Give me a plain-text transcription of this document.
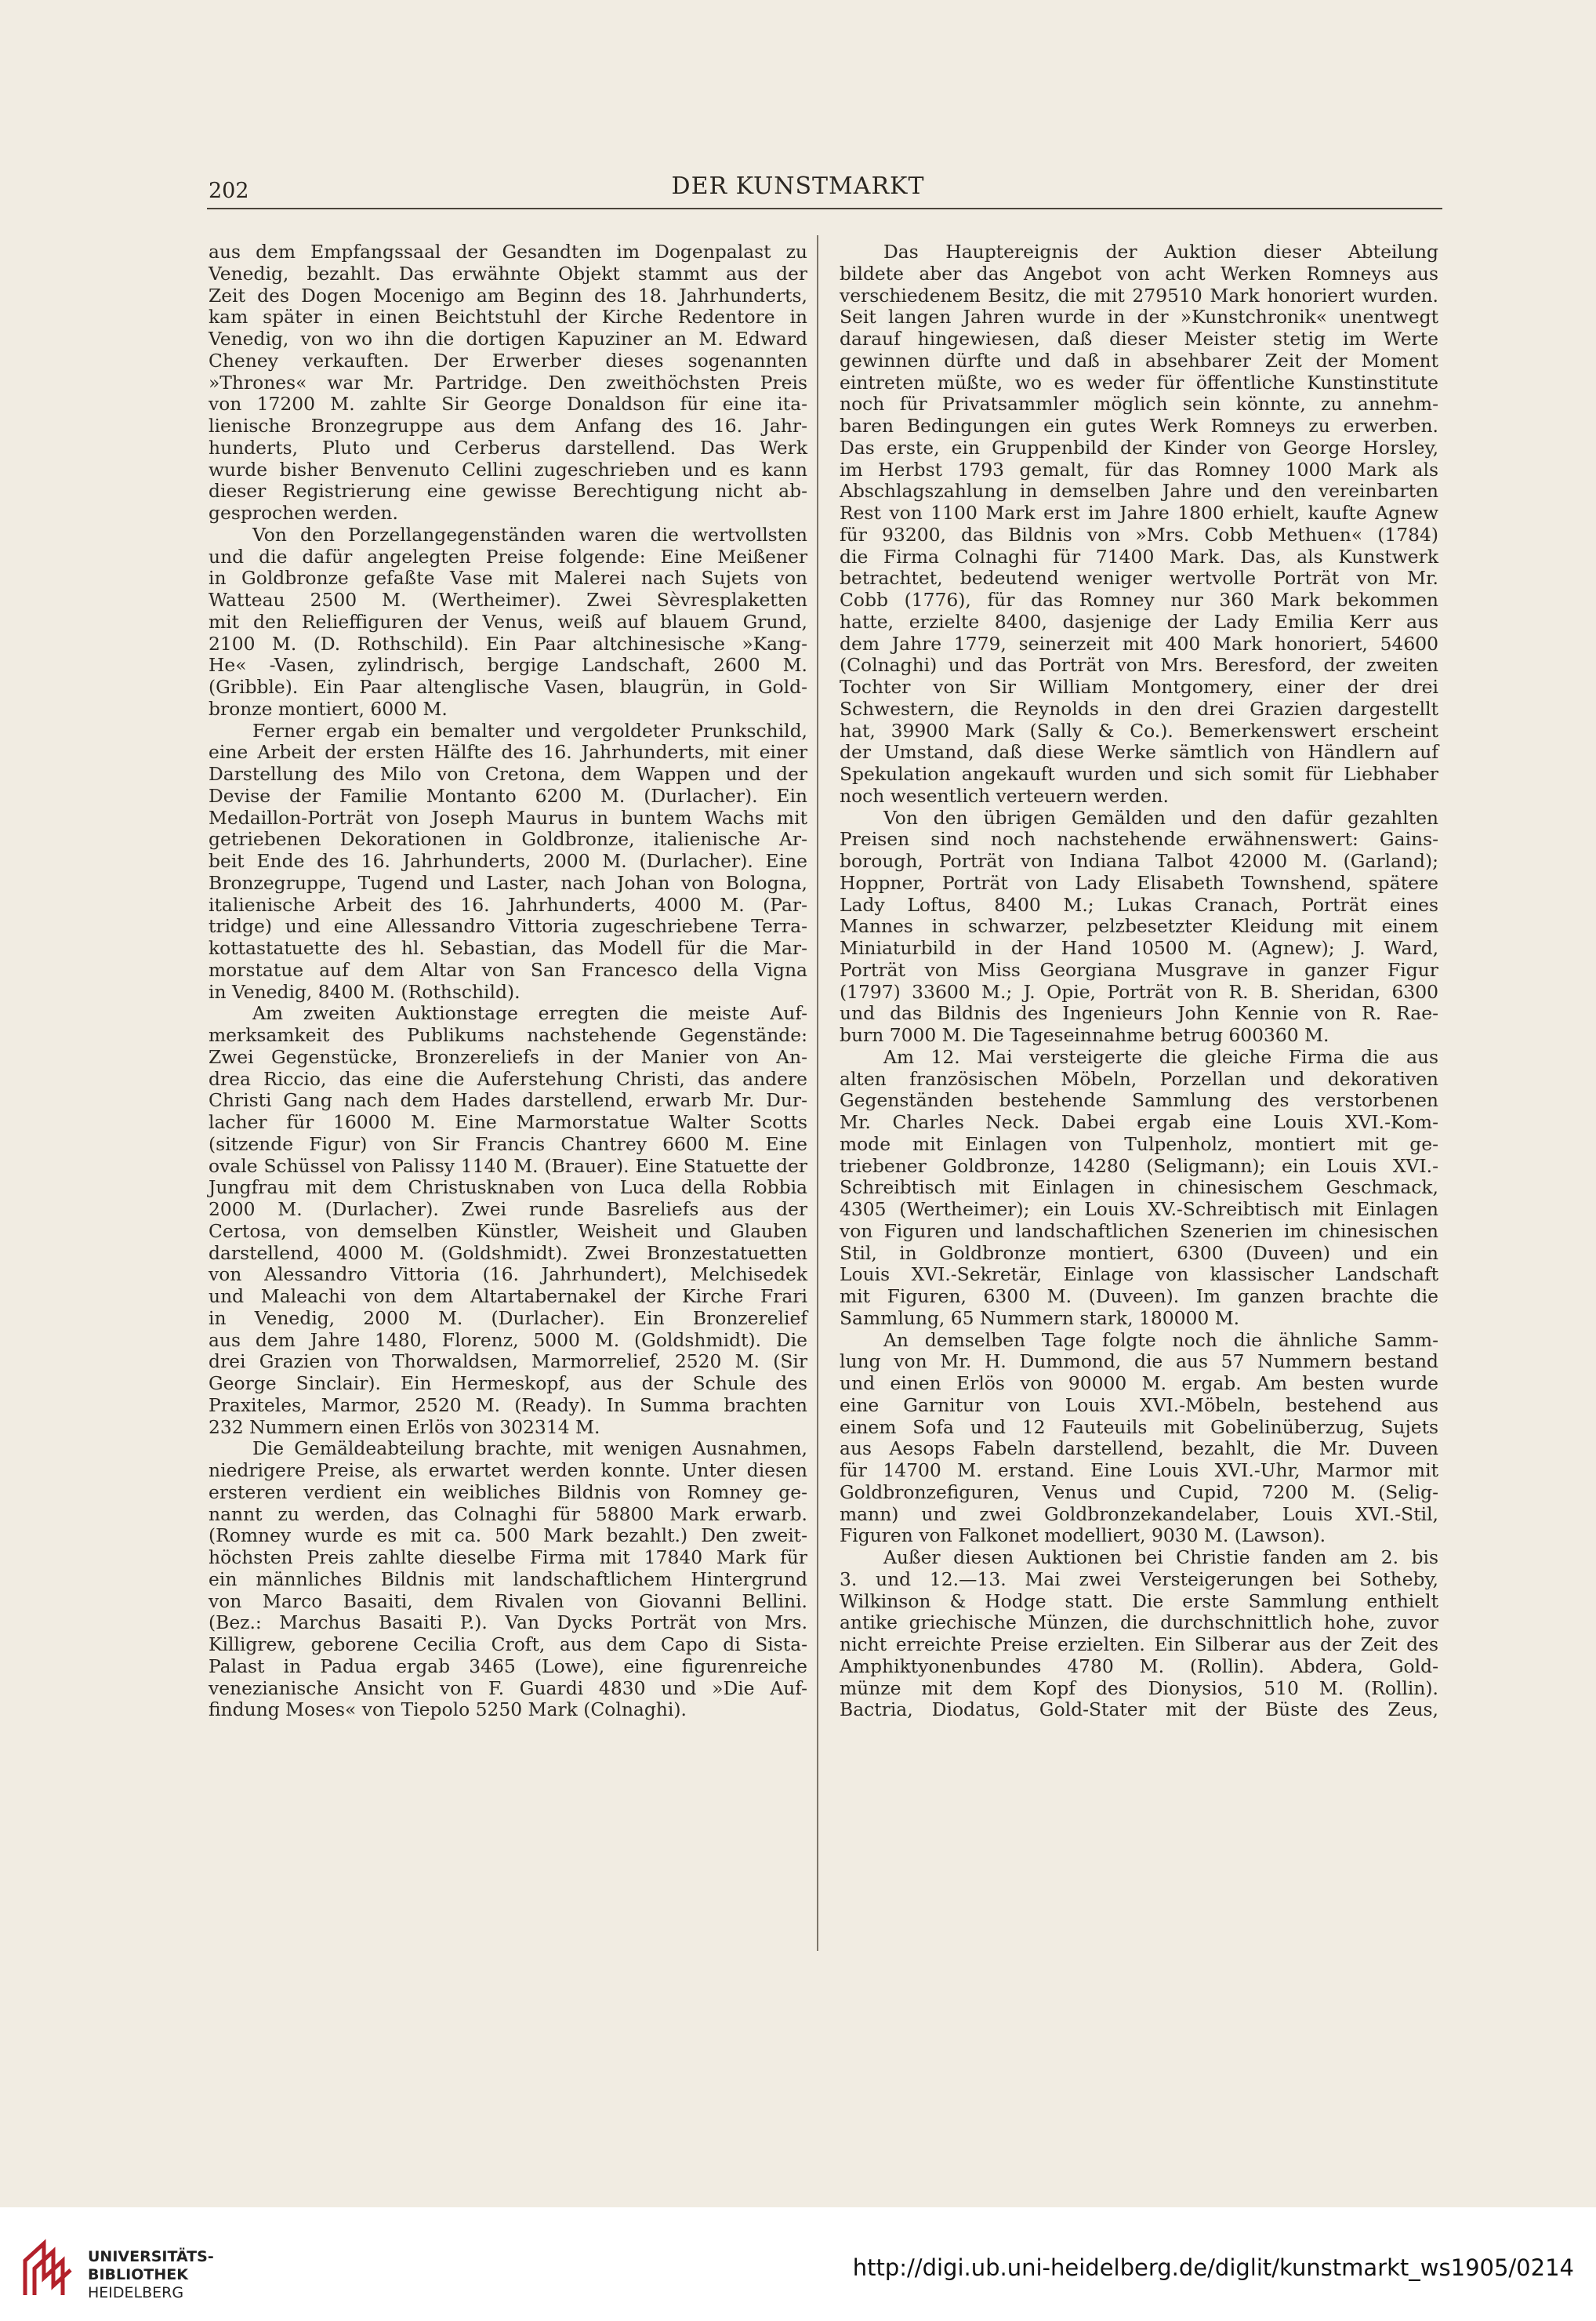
202	DER KUNSTMARKT
aus dem Empfangssaal der Gesandten im Dogenpalast zu
Venedig, bezahlt. Das erwähnte Objekt stammt aus der
Zeit des Dogen Mocenigo am Beginn des 18. Jahrhunderts,
kam später in einen Beichtstuhl der Kirche Redentore in
Venedig, von wo ihn die dortigen Kapuziner an M. Edward
Cheney verkauften. Der Erwerber dieses sogenannten
»Thrones« war Mr. Partridge. Den zweithöchsten Preis
von 17200 M. zahlte Sir George Donaldson für eine ita-
lienische Bronzegruppe aus dem Anfang des 16. Jahr-
hunderts, Pluto und Cerberus darstellend. Das Werk
wurde bisher Benvenuto Cellini zugeschrieben und es kann
dieser Registrierung eine gewisse Berechtigung nicht ab-
gesprochen werden.
Von den Porzellangegenständen waren die wertvollsten
und die dafür angelegten Preise folgende: Eine Meißener
in Goldbronze gefaßte Vase mit Malerei nach Sujets von
Watteau 2500 M. (Wertheimer). Zwei Sèvresplaketten
mit den Relieffiguren der Venus, weiß auf blauem Grund,
2100 M. (D. Rothschild). Ein Paar altchinesische »Kang-
He« -Vasen, zylindrisch, bergige Landschaft, 2600 M.
(Gribble). Ein Paar altenglische Vasen, blaugrün, in Gold-
bronze montiert, 6000 M.
Ferner ergab ein bemalter und vergoldeter Prunkschild,
eine Arbeit der ersten Hälfte des 16. Jahrhunderts, mit einer
Darstellung des Milo von Cretona, dem Wappen und der
Devise der Familie Montanto 6200 M. (Durlacher). Ein
Medaillon-Porträt von Joseph Maurus in buntem Wachs mit
getriebenen Dekorationen in Goldbronze, italienische Ar-
beit Ende des 16. Jahrhunderts, 2000 M. (Durlacher). Eine
Bronzegruppe, Tugend und Laster, nach Johan von Bologna,
italienische Arbeit des 16. Jahrhunderts, 4000 M. (Par-
tridge) und eine Allessandro Vittoria zugeschriebene Terra-
kottastatuette des hl. Sebastian, das Modell für die Mar-
morstatue auf dem Altar von San Francesco della Vigna
in Venedig, 8400 M. (Rothschild).
Am zweiten Auktionstage erregten die meiste Auf-
merksamkeit des Publikums nachstehende Gegenstände:
Zwei Gegenstücke, Bronzereliefs in der Manier von An-
drea Riccio, das eine die Auferstehung Christi, das andere
Christi Gang nach dem Hades darstellend, erwarb Mr. Dur-
lacher für 16000 M. Eine Marmorstatue Walter Scotts
(sitzende Figur) von Sir Francis Chantrey 6600 M. Eine
ovale Schüssel von Palissy 1140 M. (Brauer). Eine Statuette der
Jungfrau mit dem Christusknaben von Luca della Robbia
2000 M. (Durlacher). Zwei runde Basreliefs aus der
Certosa, von demselben Künstler, Weisheit und Glauben
darstellend, 4000 M. (Goldshmidt). Zwei Bronzestatuetten
von Alessandro Vittoria (16. Jahrhundert), Melchisedek
und Maleachi von dem Altartabernakel der Kirche Frari
in Venedig, 2000 M. (Durlacher). Ein Bronzerelief
aus dem Jahre 1480, Florenz, 5000 M. (Goldshmidt). Die
drei Grazien von Thorwaldsen, Marmorrelief, 2520 M. (Sir
George Sinclair). Ein Hermeskopf, aus der Schule des
Praxiteles, Marmor, 2520 M. (Ready). In Summa brachten
232 Nummern einen Erlös von 302314 M.
Die Gemäldeabteilung brachte, mit wenigen Ausnahmen,
niedrigere Preise, als erwartet werden konnte. Unter diesen
ersteren verdient ein weibliches Bildnis von Romney ge-
nannt zu werden, das Colnaghi für 58800 Mark erwarb.
(Romney wurde es mit ca. 500 Mark bezahlt.) Den zweit-
höchsten Preis zahlte dieselbe Firma mit 17840 Mark für
ein männliches Bildnis mit landschaftlichem Hintergrund
von Marco Basaiti, dem Rivalen von Giovanni Bellini.
(Bez.: Marchus Basaiti P.). Van Dycks Porträt von Mrs.
Killigrew, geborene Cecilia Croft, aus dem Capo di Sista-
Palast in Padua ergab 3465 (Lowe), eine figurenreiche
venezianische Ansicht von F. Guardi 4830 und »Die Auf-
findung Moses« von Tiepolo 5250 Mark (Colnaghi).
Das Hauptereignis der Auktion dieser Abteilung
bildete aber das Angebot von acht Werken Romneys aus
verschiedenem Besitz, die mit 279510 Mark honoriert wurden.
Seit langen Jahren wurde in der »Kunstchronik« unentwegt
darauf hingewiesen, daß dieser Meister stetig im Werte
gewinnen dürfte und daß in absehbarer Zeit der Moment
eintreten müßte, wo es weder für öffentliche Kunstinstitute
noch für Privatsammler möglich sein könnte, zu annehm-
baren Bedingungen ein gutes Werk Romneys zu erwerben.
Das erste, ein Gruppenbild der Kinder von George Horsley,
im Herbst 1793 gemalt, für das Romney 1000 Mark als
Abschlagszahlung in demselben Jahre und den vereinbarten
Rest von 1100 Mark erst im Jahre 1800 erhielt, kaufte Agnew
für 93200, das Bildnis von »Mrs. Cobb Methuen« (1784)
die Firma Colnaghi für 71400 Mark. Das, als Kunstwerk
betrachtet, bedeutend weniger wertvolle Porträt von Mr.
Cobb (1776), für das Romney nur 360 Mark bekommen
hatte, erzielte 8400, dasjenige der Lady Emilia Kerr aus
dem Jahre 1779, seinerzeit mit 400 Mark honoriert, 54600
(Colnaghi) und das Porträt von Mrs. Beresford, der zweiten
Tochter von Sir William Montgomery, einer der drei
Schwestern, die Reynolds in den drei Grazien dargestellt
hat, 39900 Mark (Sally & Co.). Bemerkenswert erscheint
der Umstand, daß diese Werke sämtlich von Händlern auf
Spekulation angekauft wurden und sich somit für Liebhaber
noch wesentlich verteuern werden.
Von den übrigen Gemälden und den dafür gezahlten
Preisen sind noch nachstehende erwähnenswert: Gains-
borough, Porträt von Indiana Talbot 42000 M. (Garland);
Hoppner, Porträt von Lady Elisabeth Townshend, spätere
Lady Loftus, 8400 M.; Lukas Cranach, Porträt eines
Mannes in schwarzer, pelzbesetzter Kleidung mit einem
Miniaturbild in der Hand 10500 M. (Agnew); J. Ward,
Porträt von Miss Georgiana Musgrave in ganzer Figur
(1797) 33600 M.; J. Opie, Porträt von R. B. Sheridan, 6300
und das Bildnis des Ingenieurs John Kennie von R. Rae-
burn 7000 M. Die Tageseinnahme betrug 600360 M.
Am 12. Mai versteigerte die gleiche Firma die aus
alten französischen Möbeln, Porzellan und dekorativen
Gegenständen bestehende Sammlung des verstorbenen
Mr. Charles Neck. Dabei ergab eine Louis XVI.-Kom-
mode mit Einlagen von Tulpenholz, montiert mit ge-
triebener Goldbronze, 14280 (Seligmann); ein Louis XVI.-
Schreibtisch mit Einlagen in chinesischem Geschmack,
4305 (Wertheimer); ein Louis XV.-Schreibtisch mit Einlagen
von Figuren und landschaftlichen Szenerien im chinesischen
Stil, in Goldbronze montiert, 6300 (Duveen) und ein
Louis XVI.-Sekretär, Einlage von klassischer Landschaft
mit Figuren, 6300 M. (Duveen). Im ganzen brachte die
Sammlung, 65 Nummern stark, 180000 M.
An demselben Tage folgte noch die ähnliche Samm-
lung von Mr. H. Dummond, die aus 57 Nummern bestand
und einen Erlös von 90000 M. ergab. Am besten wurde
eine Garnitur von Louis XVI.-Möbeln, bestehend aus
einem Sofa und 12 Fauteuils mit Gobelinüberzug, Sujets
aus Aesops Fabeln darstellend, bezahlt, die Mr. Duveen
für 14700 M. erstand. Eine Louis XVI.-Uhr, Marmor mit
Goldbronzefiguren, Venus und Cupid, 7200 M. (Selig-
mann) und zwei Goldbronzekandelaber, Louis XVI.-Stil,
Figuren von Falkonet modelliert, 9030 M. (Lawson).
Außer diesen Auktionen bei Christie fanden am 2. bis
3. und 12.—13. Mai zwei Versteigerungen bei Sotheby,
Wilkinson & Hodge statt. Die erste Sammlung enthielt
antike griechische Münzen, die durchschnittlich hohe, zuvor
nicht erreichte Preise erzielten. Ein Silberar aus der Zeit des
Amphiktyonenbundes 4780 M. (Rollin). Abdera, Gold-
münze mit dem Kopf des Dionysios, 510 M. (Rollin).
Bactria, Diodatus, Gold-Stater mit der Büste des Zeus,
UNIVERSITÄTS-
BIBLIOTHEK
HEIDELBERG
http://digi.ub.uni-heidelberg.de/diglit/kunstmarkt_ws1905/0214
